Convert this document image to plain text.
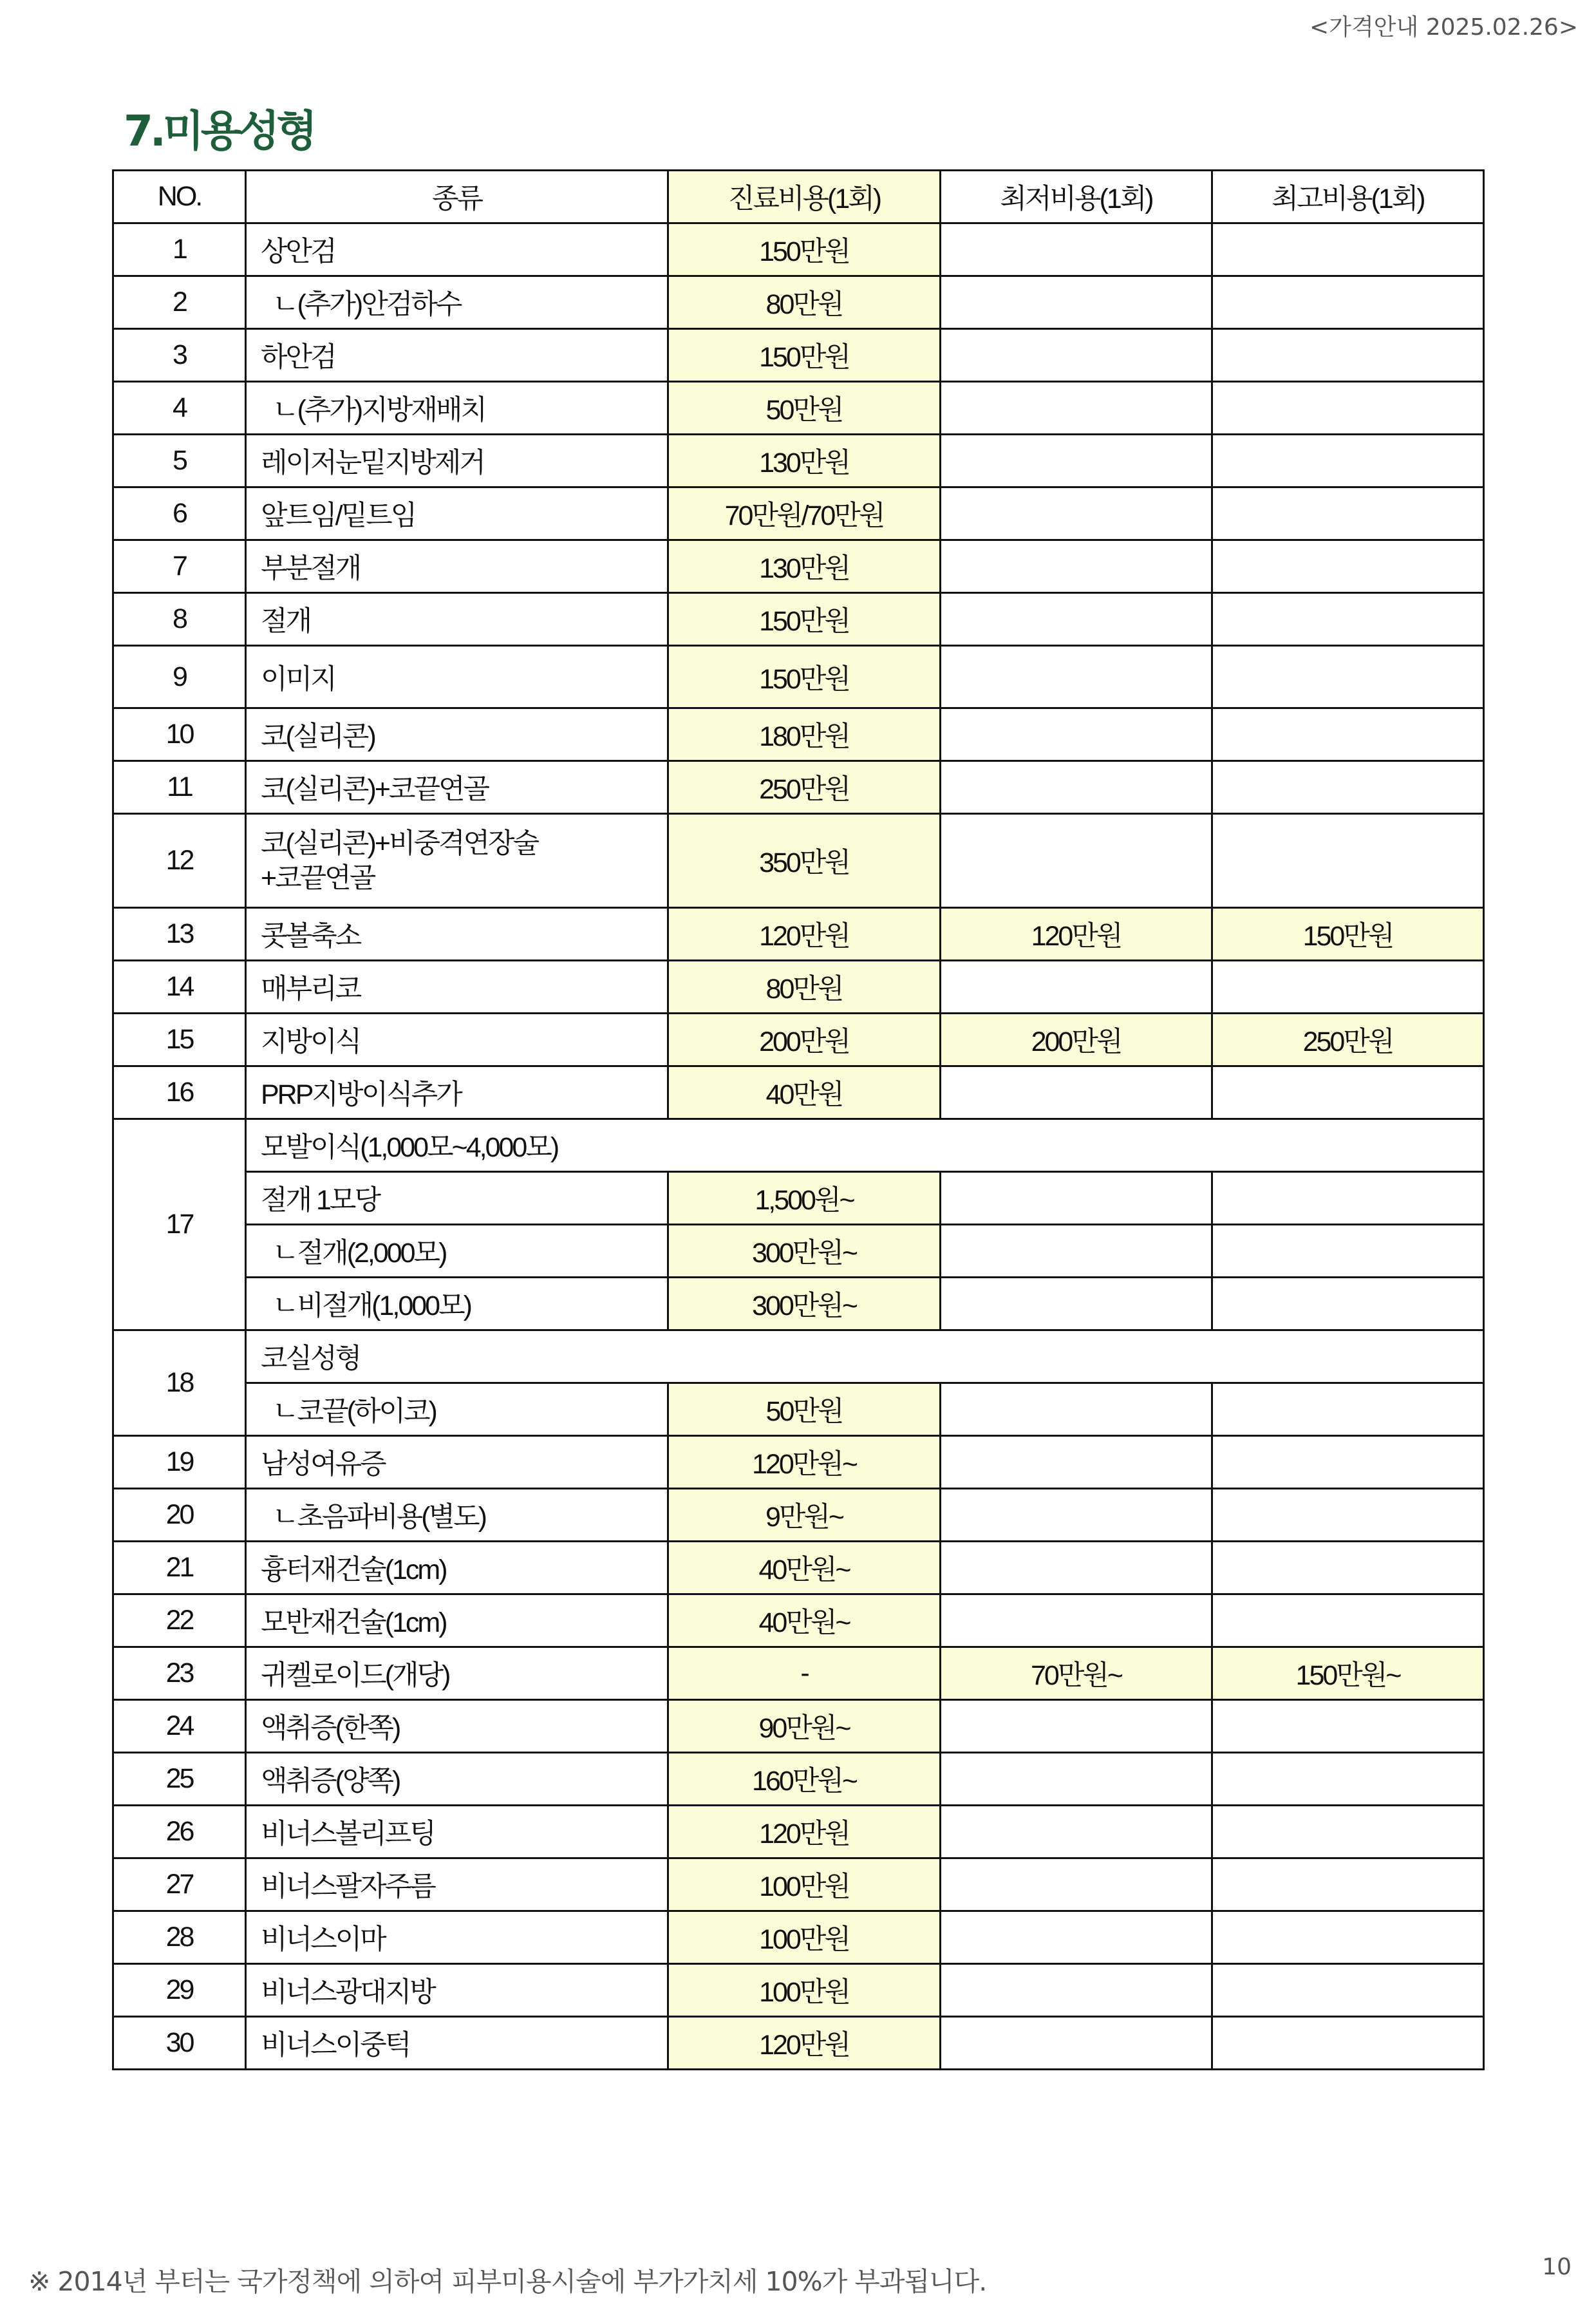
<가격안내 2025.02.26>
7.미용성형
NO.	종류	진료비용(1회)	최저비용(1회)	최고비용(1회)
1	상안검	150만원		
2	ㄴ(추가)안검하수	80만원		
3	하안검	150만원		
4	ㄴ(추가)지방재배치	50만원		
5	레이저눈밑지방제거	130만원		
6	앞트임/밑트임	70만원/70만원		
7	부분절개	130만원		
8	절개	150만원		
9	이미지	150만원		
10	코(실리콘)	180만원		
11	코(실리콘)+코끝연골	250만원		
12	코(실리콘)+비중격연장술
+코끝연골	350만원		
13	콧볼축소	120만원	120만원	150만원
14	매부리코	80만원		
15	지방이식	200만원	200만원	250만원
16	PRP지방이식추가	40만원		
17	모발이식(1,000모~4,000모)			
	절개 1모당	1,500원~		
	ㄴ절개(2,000모)	300만원~		
	ㄴ비절개(1,000모)	300만원~		
18	코실성형			
	ㄴ코끝(하이코)	50만원		
19	남성여유증	120만원~		
20	ㄴ초음파비용(별도)	9만원~		
21	흉터재건술(1cm)	40만원~		
22	모반재건술(1cm)	40만원~		
23	귀켈로이드(개당)	-	70만원~	150만원~
24	액취증(한쪽)	90만원~		
25	액취증(양쪽)	160만원~		
26	비너스볼리프팅	120만원		
27	비너스팔자주름	100만원		
28	비너스이마	100만원		
29	비너스광대지방	100만원		
30	비너스이중턱	120만원		
※ 2014년 부터는 국가정책에 의하여 피부미용시술에 부가가치세 10%가 부과됩니다.	10
